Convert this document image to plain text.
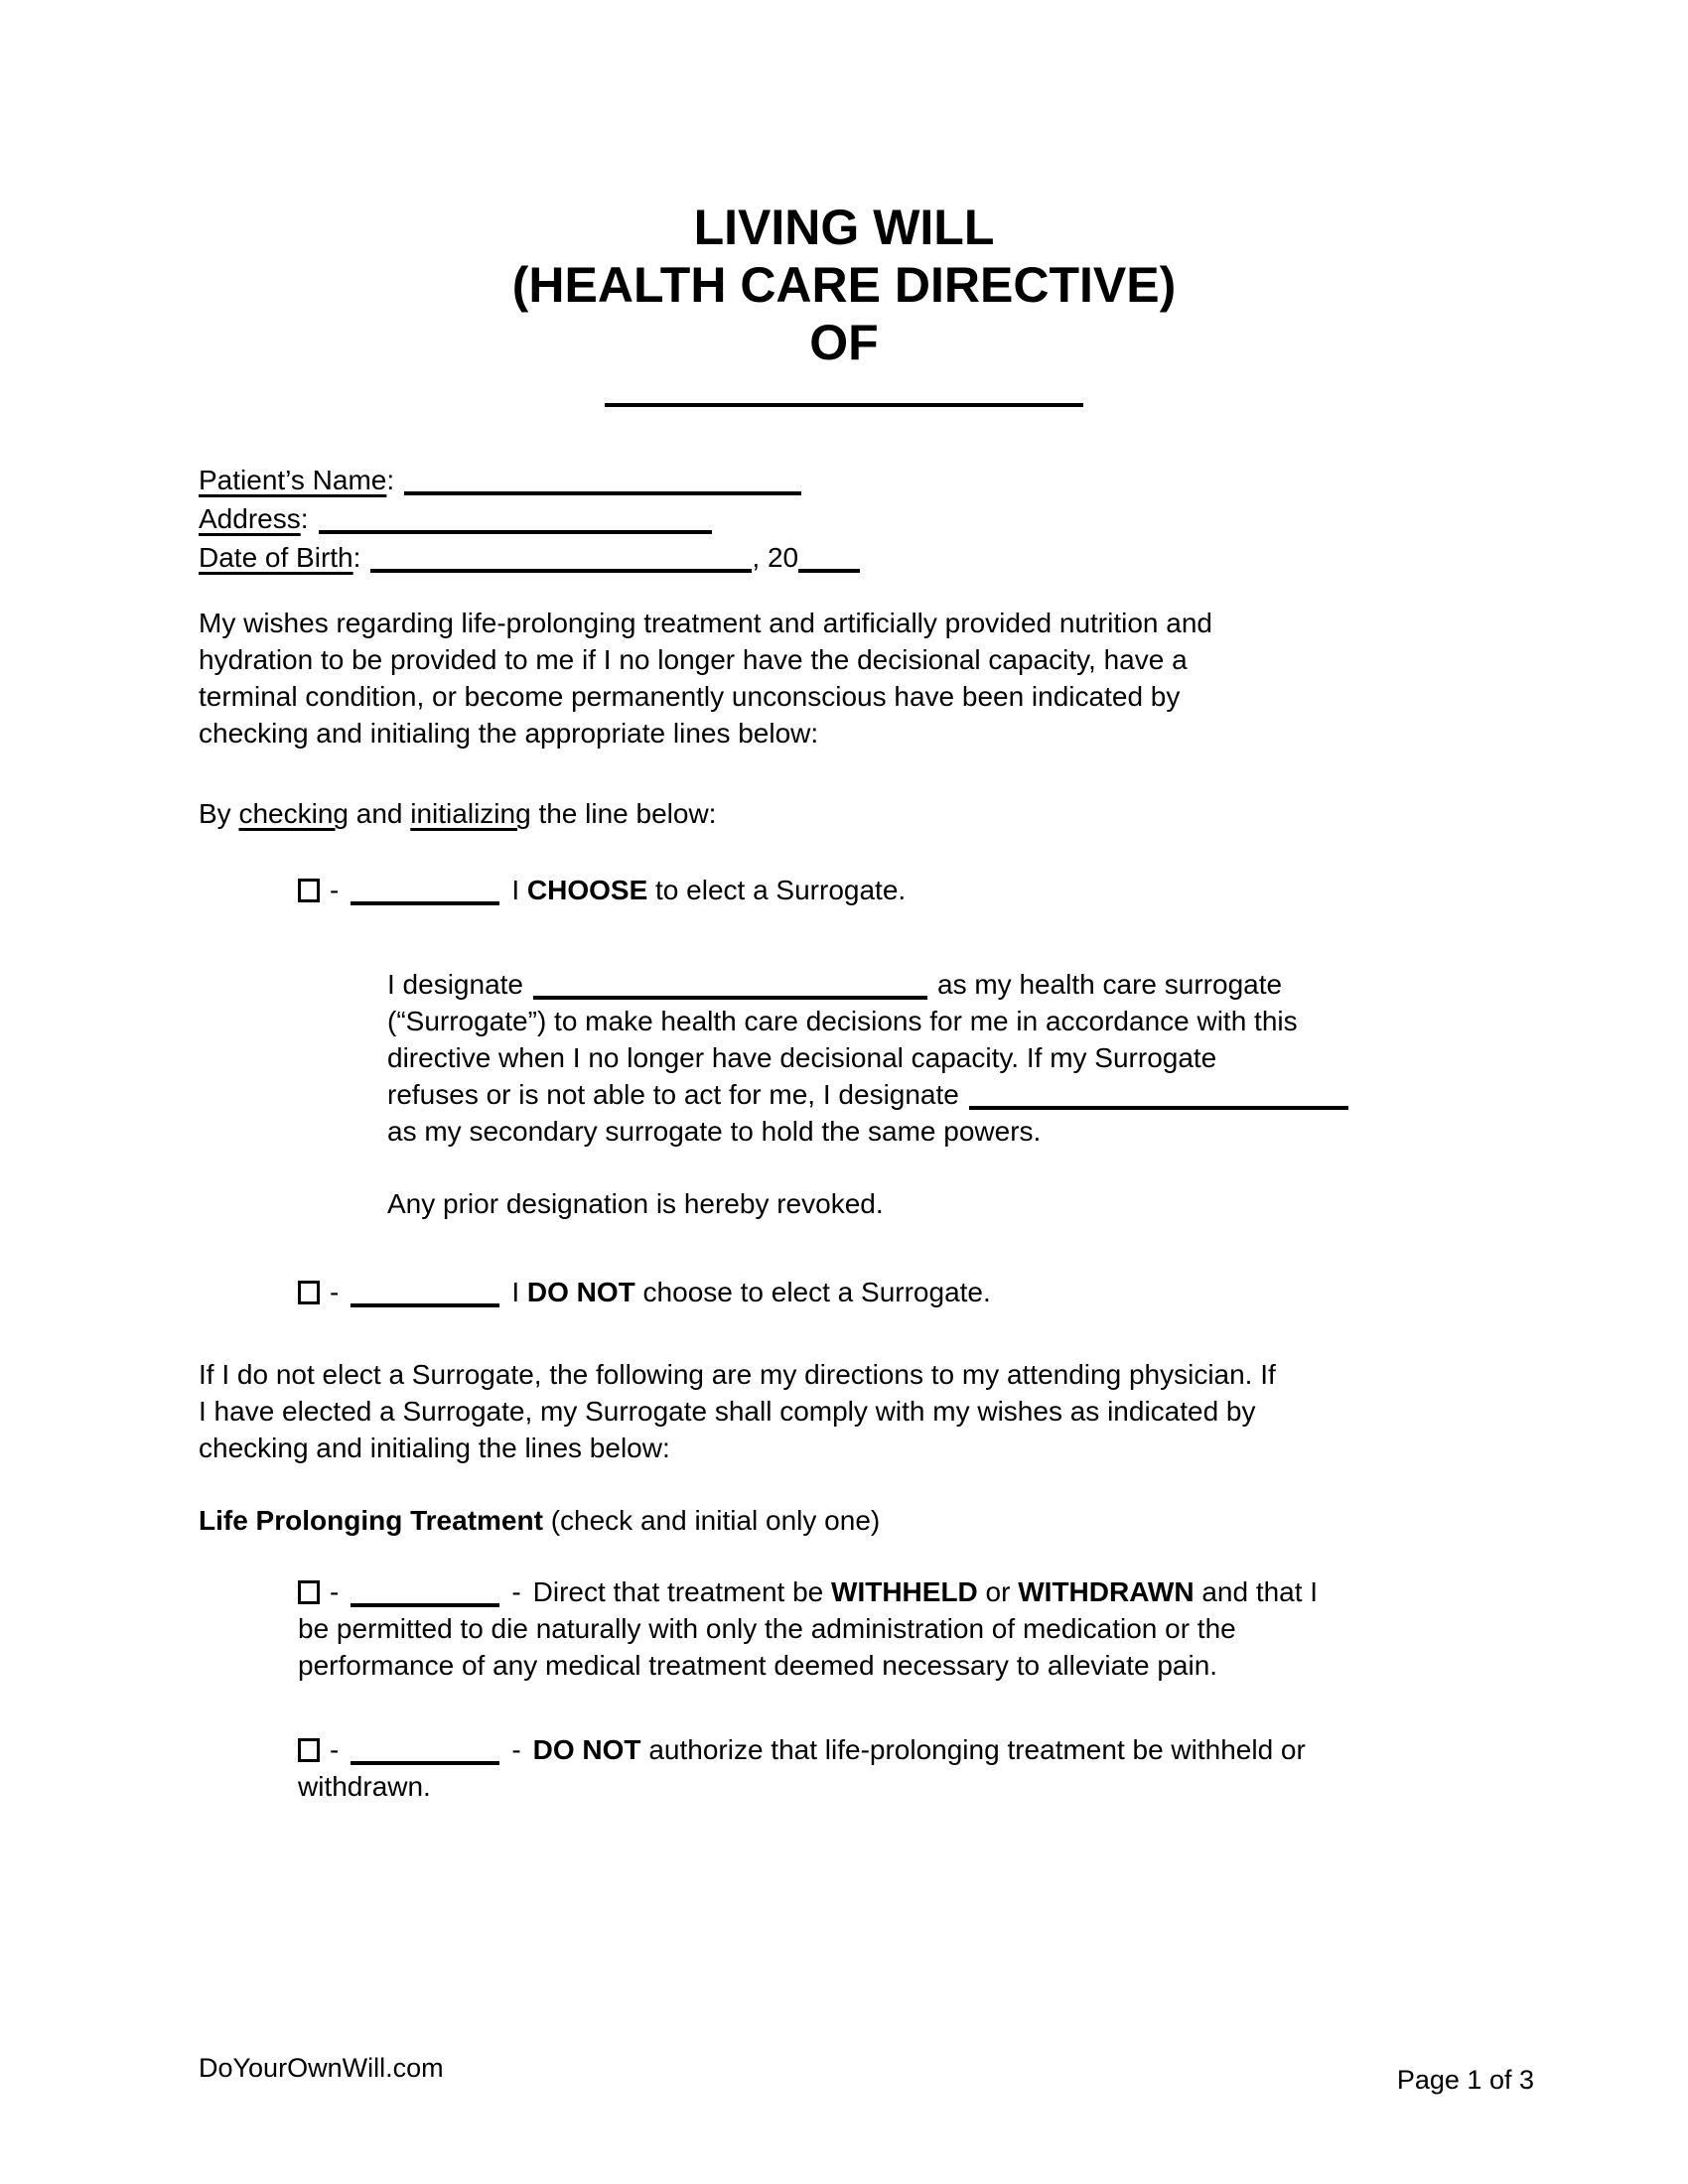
LIVING WILL
(HEALTH CARE DIRECTIVE)
OF
Patient’s Name:
Address:
Date of Birth:	, 20
My wishes regarding life-prolonging treatment and artificially provided nutrition and
hydration to be provided to me if I no longer have the decisional capacity, have a
terminal condition, or become permanently unconscious have been indicated by
checking and initialing the appropriate lines below:
By checking and initializing the line below:
-	I CHOOSE to elect a Surrogate.
I designate	as my health care surrogate
(“Surrogate”) to make health care decisions for me in accordance with this
directive when I no longer have decisional capacity. If my Surrogate
refuses or is not able to act for me, I designate
as my secondary surrogate to hold the same powers.
Any prior designation is hereby revoked.
-	I DO NOT choose to elect a Surrogate.
If I do not elect a Surrogate, the following are my directions to my attending physician. If
I have elected a Surrogate, my Surrogate shall comply with my wishes as indicated by
checking and initialing the lines below:
Life Prolonging Treatment (check and initial only one)
-	- Direct that treatment be WITHHELD or WITHDRAWN and that I
be permitted to die naturally with only the administration of medication or the
performance of any medical treatment deemed necessary to alleviate pain.
-	- DO NOT authorize that life-prolonging treatment be withheld or
withdrawn.
DoYourOwnWill.com	Page 1 of 3
